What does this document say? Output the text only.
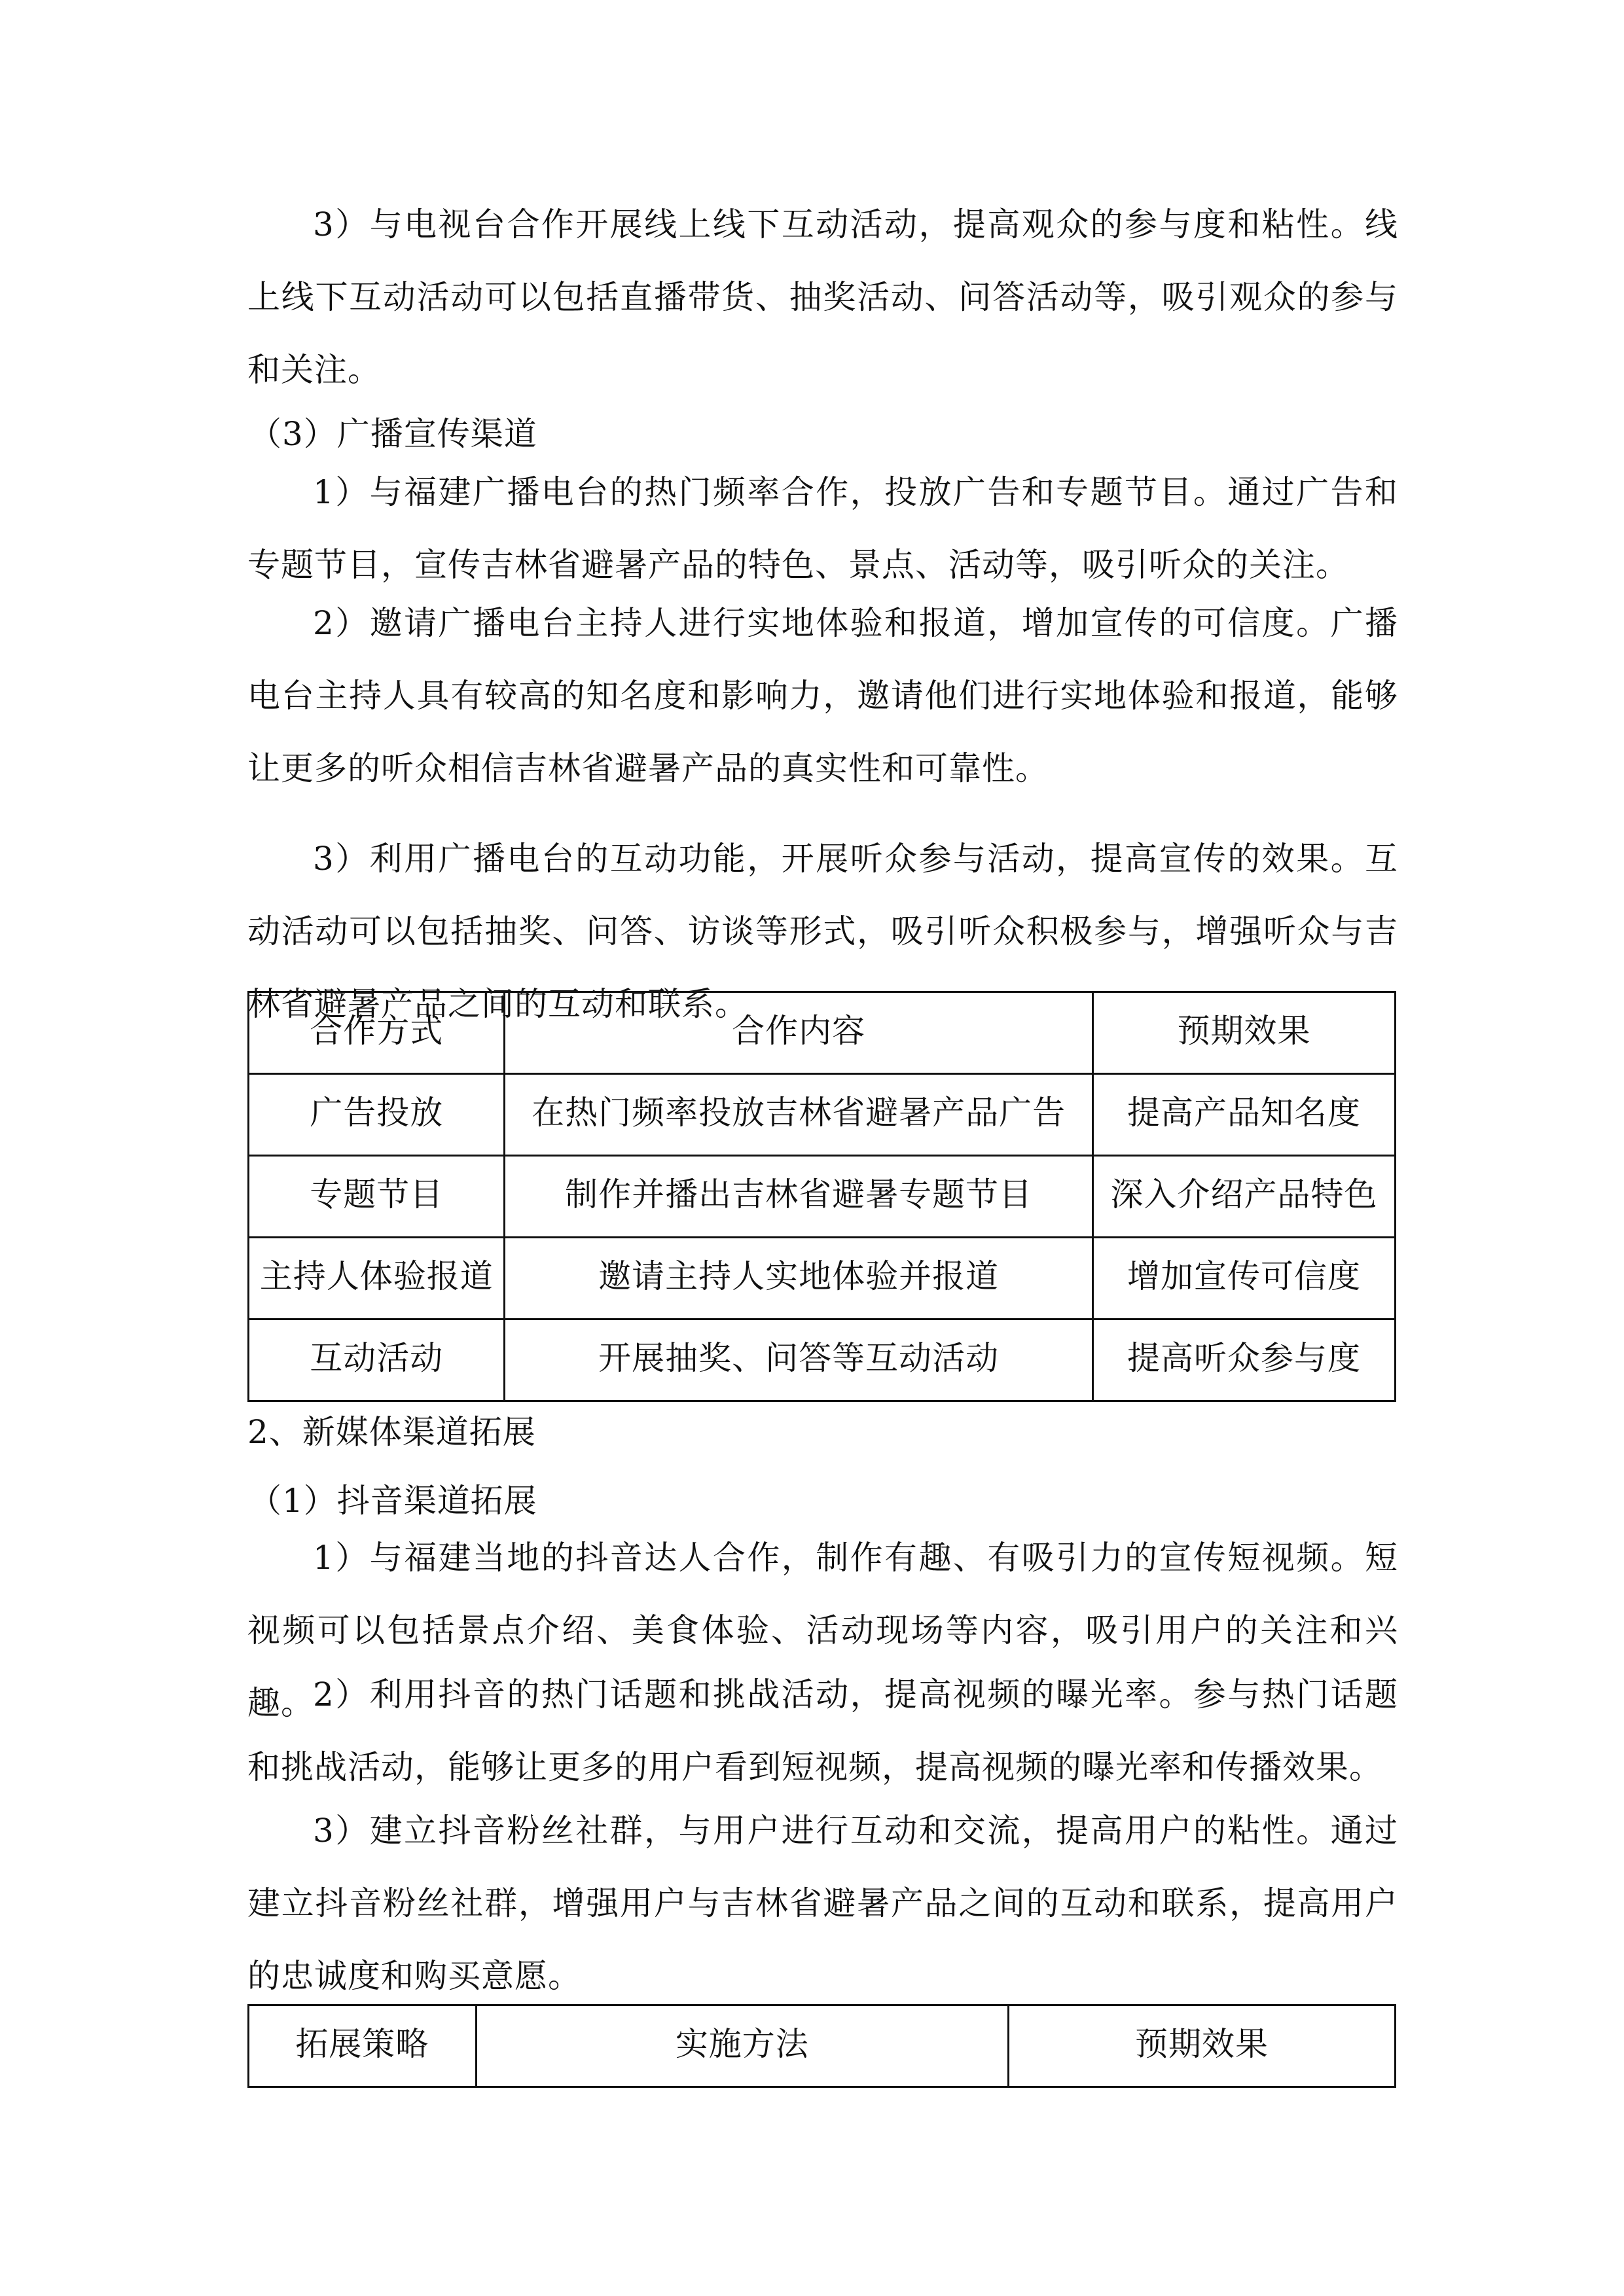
3）与电视台合作开展线上线下互动活动，提高观众的参与度和粘性。线上线下互动活动可以包括直播带货、抽奖活动、问答活动等，吸引观众的参与和关注。

（3）广播宣传渠道

1）与福建广播电台的热门频率合作，投放广告和专题节目。通过广告和专题节目，宣传吉林省避暑产品的特色、景点、活动等，吸引听众的关注。

2）邀请广播电台主持人进行实地体验和报道，增加宣传的可信度。广播电台主持人具有较高的知名度和影响力，邀请他们进行实地体验和报道，能够让更多的听众相信吉林省避暑产品的真实性和可靠性。

3）利用广播电台的互动功能，开展听众参与活动，提高宣传的效果。互动活动可以包括抽奖、问答、访谈等形式，吸引听众积极参与，增强听众与吉林省避暑产品之间的互动和联系。

合作方式	合作内容	预期效果
广告投放	在热门频率投放吉林省避暑产品广告	提高产品知名度
专题节目	制作并播出吉林省避暑专题节目	深入介绍产品特色
主持人体验报道	邀请主持人实地体验并报道	增加宣传可信度
互动活动	开展抽奖、问答等互动活动	提高听众参与度

2、新媒体渠道拓展

（1）抖音渠道拓展

1）与福建当地的抖音达人合作，制作有趣、有吸引力的宣传短视频。短视频可以包括景点介绍、美食体验、活动现场等内容，吸引用户的关注和兴趣。

2）利用抖音的热门话题和挑战活动，提高视频的曝光率。参与热门话题和挑战活动，能够让更多的用户看到短视频，提高视频的曝光率和传播效果。

3）建立抖音粉丝社群，与用户进行互动和交流，提高用户的粘性。通过建立抖音粉丝社群，增强用户与吉林省避暑产品之间的互动和联系，提高用户的忠诚度和购买意愿。

拓展策略	实施方法	预期效果
